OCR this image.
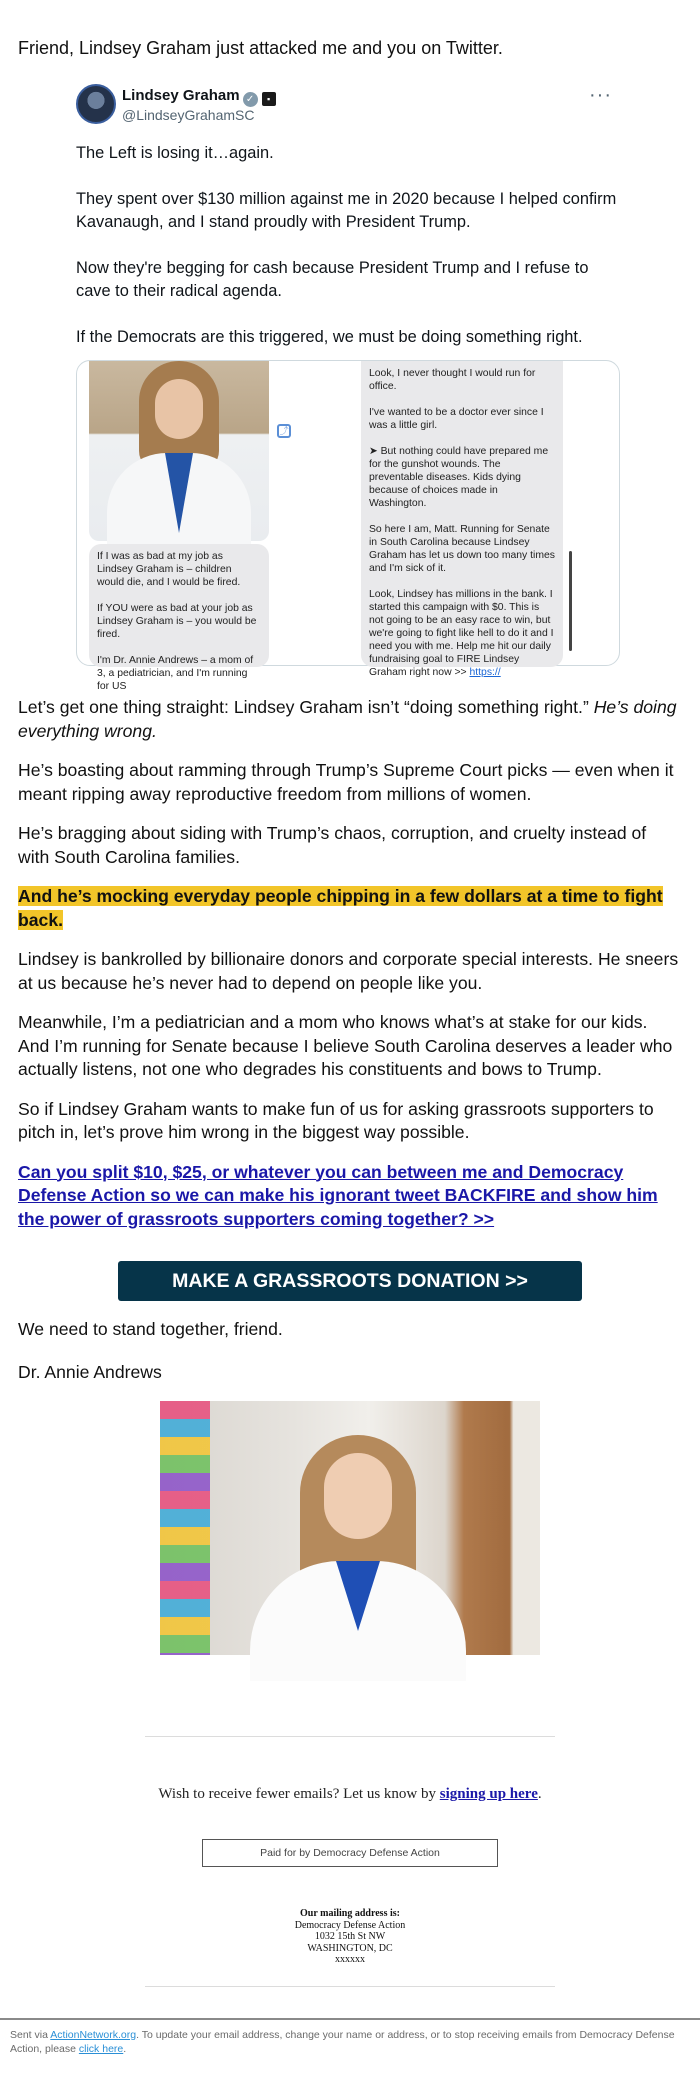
Friend, Lindsey Graham just attacked me and you on Twitter.
Lindsey Graham ✓ ▪
@LindseyGrahamSC
···

The Left is losing it…again.

They spent over $130 million against me in 2020 because I helped confirm Kavanaugh, and I stand proudly with President Trump.

Now they're begging for cash because President Trump and I refuse to cave to their radical agenda.

If the Democrats are this triggered, we must be doing something right.

If I was as bad at my job as Lindsey Graham is – children would die, and I would be fired.

If YOU were as bad at your job as Lindsey Graham is – you would be fired.

I'm Dr. Annie Andrews – a mom of 3, a pediatrician, and I'm running for US

⤴

Look, I never thought I would run for office.

I've wanted to be a doctor ever since I was a little girl.

➤ But nothing could have prepared me for the gunshot wounds. The preventable diseases. Kids dying because of choices made in Washington.

So here I am, Matt. Running for Senate in South Carolina because Lindsey Graham has let us down too many times and I'm sick of it.

Look, Lindsey has millions in the bank. I started this campaign with $0. This is not going to be an easy race to win, but we're going to fight like hell to do it and I need you with me. Help me hit our daily fundraising goal to FIRE Lindsey Graham right now >> https://

Let’s get one thing straight: Lindsey Graham isn’t “doing something right.” He’s doing everything wrong.

He’s boasting about ramming through Trump’s Supreme Court picks — even when it meant ripping away reproductive freedom from millions of women.

He’s bragging about siding with Trump’s chaos, corruption, and cruelty instead of with South Carolina families.

And he’s mocking everyday people chipping in a few dollars at a time to fight back.

Lindsey is bankrolled by billionaire donors and corporate special interests. He sneers at us because he’s never had to depend on people like you.

Meanwhile, I’m a pediatrician and a mom who knows what’s at stake for our kids. And I’m running for Senate because I believe South Carolina deserves a leader who actually listens, not one who degrades his constituents and bows to Trump.

So if Lindsey Graham wants to make fun of us for asking grassroots supporters to pitch in, let’s prove him wrong in the biggest way possible.

Can you split $10, $25, or whatever you can between me and Democracy Defense Action so we can make his ignorant tweet BACKFIRE and show him the power of grassroots supporters coming together? >>

MAKE A GRASSROOTS DONATION >>

We need to stand together, friend.

Dr. Annie Andrews

Wish to receive fewer emails? Let us know by signing up here.
Paid for by Democracy Defense Action
Our mailing address is:
Democracy Defense Action
1032 15th St NW
WASHINGTON, DC
xxxxxx
Sent via ActionNetwork.org. To update your email address, change your name or address, or to stop receiving emails from Democracy Defense Action, please click here.
